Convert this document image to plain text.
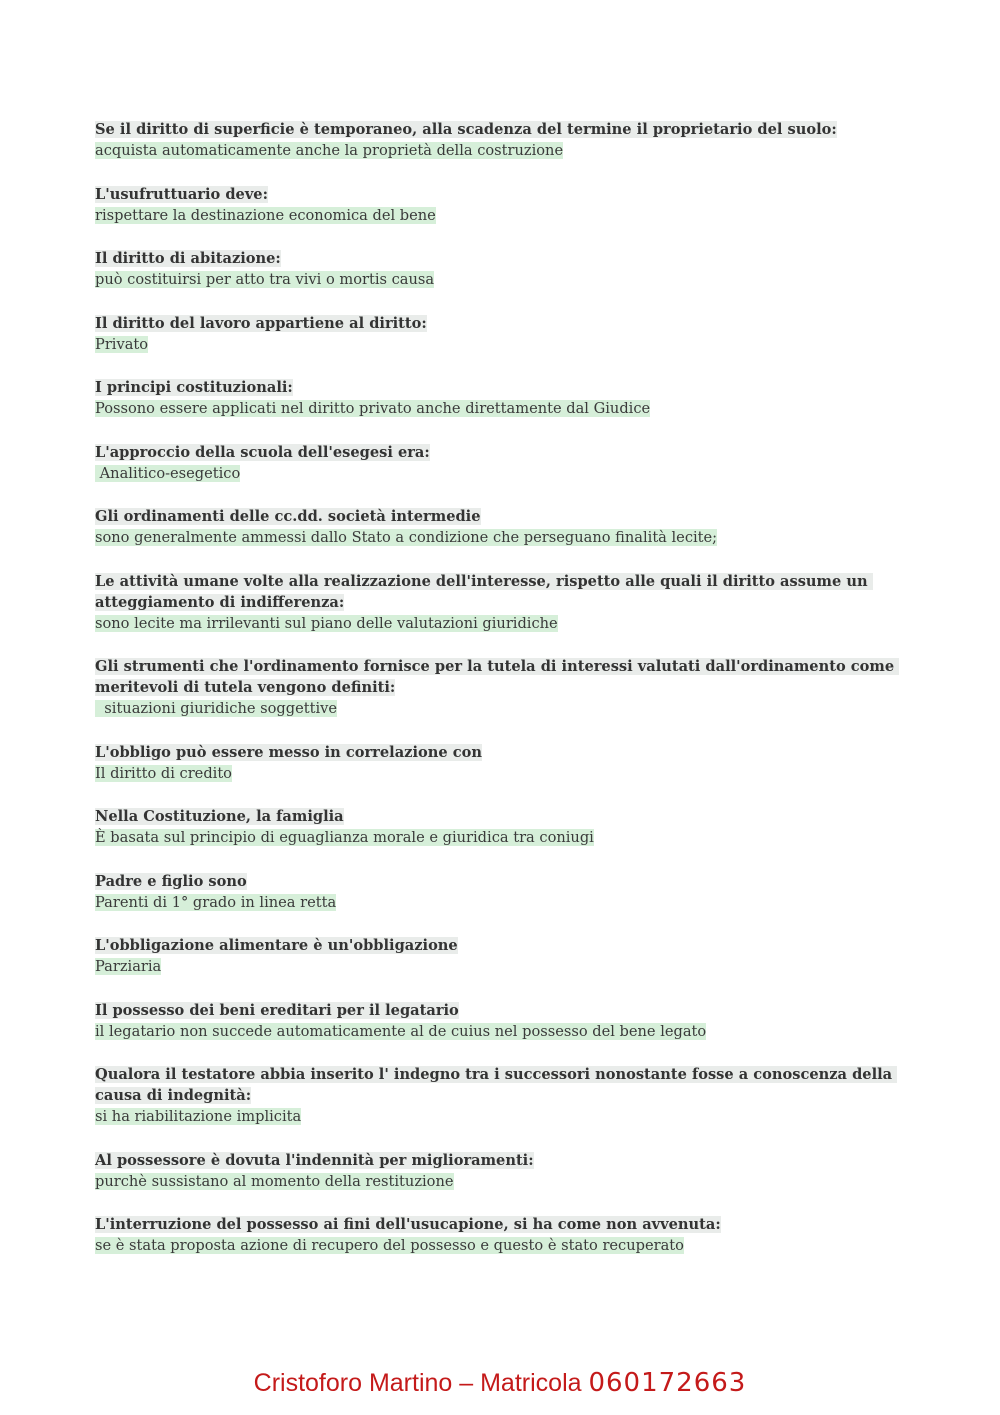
Se il diritto di superficie è temporaneo, alla scadenza del termine il proprietario del suolo:
acquista automaticamente anche la proprietà della costruzione
L'usufruttuario deve:
rispettare la destinazione economica del bene
Il diritto di abitazione:
può costituirsi per atto tra vivi o mortis causa
Il diritto del lavoro appartiene al diritto:
Privato
I principi costituzionali:
Possono essere applicati nel diritto privato anche direttamente dal Giudice
L'approccio della scuola dell'esegesi era:
Analitico-esegetico
Gli ordinamenti delle cc.dd. società intermedie
sono generalmente ammessi dallo Stato a condizione che perseguano finalità lecite;
Le attività umane volte alla realizzazione dell'interesse, rispetto alle quali il diritto assume un atteggiamento di indifferenza:
sono lecite ma irrilevanti sul piano delle valutazioni giuridiche
Gli strumenti che l'ordinamento fornisce per la tutela di interessi valutati dall'ordinamento come meritevoli di tutela vengono definiti:
situazioni giuridiche soggettive
L'obbligo può essere messo in correlazione con
Il diritto di credito
Nella Costituzione, la famiglia
È basata sul principio di eguaglianza morale e giuridica tra coniugi
Padre e figlio sono
Parenti di 1° grado in linea retta
L'obbligazione alimentare è un'obbligazione
Parziaria
Il possesso dei beni ereditari per il legatario
il legatario non succede automaticamente al de cuius nel possesso del bene legato
Qualora il testatore abbia inserito l' indegno tra i successori nonostante fosse a conoscenza della causa di indegnità:
si ha riabilitazione implicita
Al possessore è dovuta l'indennità per miglioramenti:
purchè sussistano al momento della restituzione
L'interruzione del possesso ai fini dell'usucapione, si ha come non avvenuta:
se è stata proposta azione di recupero del possesso e questo è stato recuperato
Cristoforo Martino – Matricola 060172663
